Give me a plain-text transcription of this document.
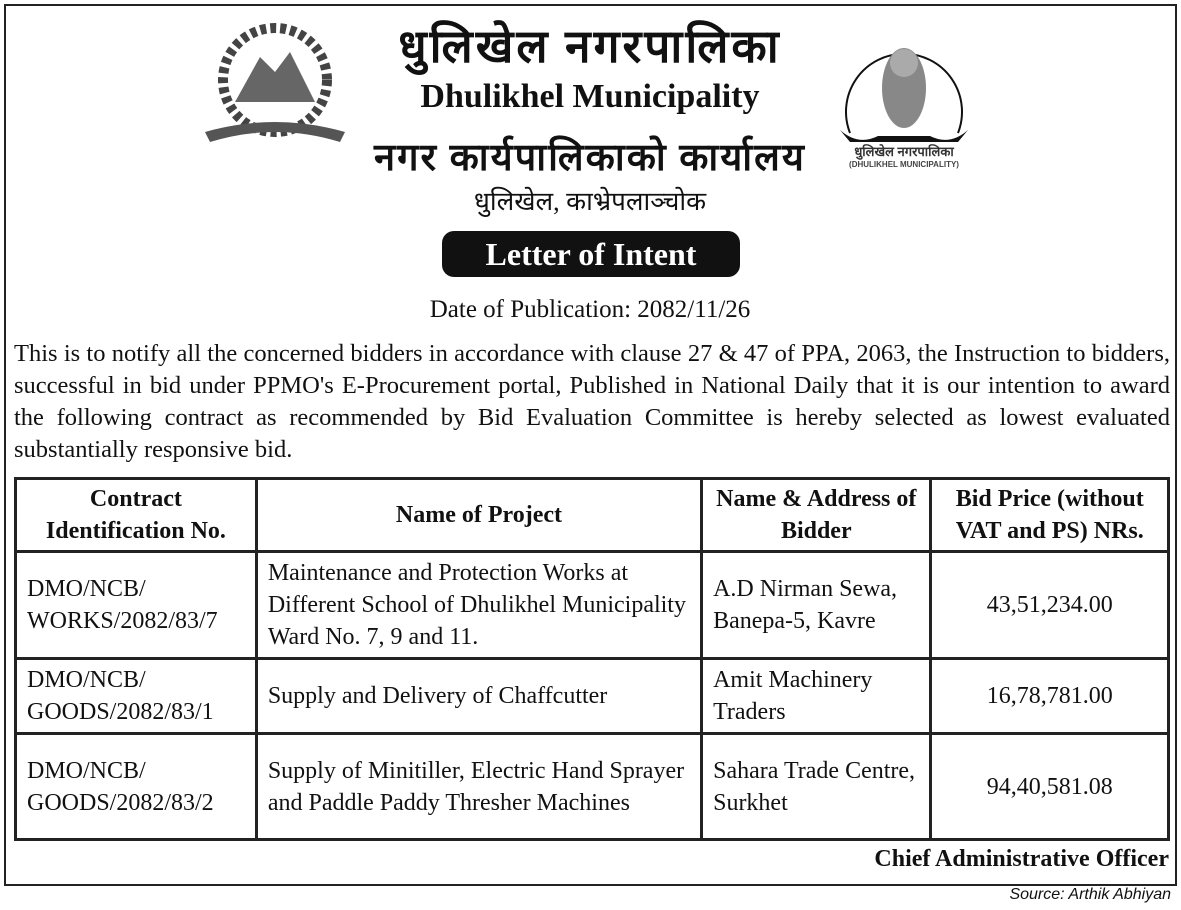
धुलिखेल नगरपालिका
Dhulikhel Municipality
नगर कार्यपालिकाको कार्यालय
धुलिखेल, काभ्रेपलाञ्चोक
धुलिखेल नगरपालिका
(DHULIKHEL MUNICIPALITY)
Letter of Intent
Date of Publication: 2082/11/26
This is to notify all the concerned bidders in accordance with clause 27 & 47 of PPA, 2063, the Instruction to bidders, successful in bid under PPMO's E-Procurement portal, Published in National Daily that it is our intention to award the following contract as recommended by Bid Evaluation Committee is hereby selected as lowest evaluated substantially responsive bid.
Contract Identification No.	Name of Project	Name & Address of Bidder	Bid Price (without VAT and PS) NRs.
DMO/NCB/ WORKS/2082/83/7	Maintenance and Protection Works at Different School of Dhulikhel Municipality Ward No. 7, 9 and 11.	A.D Nirman Sewa, Banepa-5, Kavre	43,51,234.00
DMO/NCB/ GOODS/2082/83/1	Supply and Delivery of Chaffcutter	Amit Machinery Traders	16,78,781.00
DMO/NCB/ GOODS/2082/83/2	Supply of Minitiller, Electric Hand Sprayer and Paddle Paddy Thresher Machines	Sahara Trade Centre, Surkhet	94,40,581.08
Chief Administrative Officer
Source: Arthik Abhiyan
